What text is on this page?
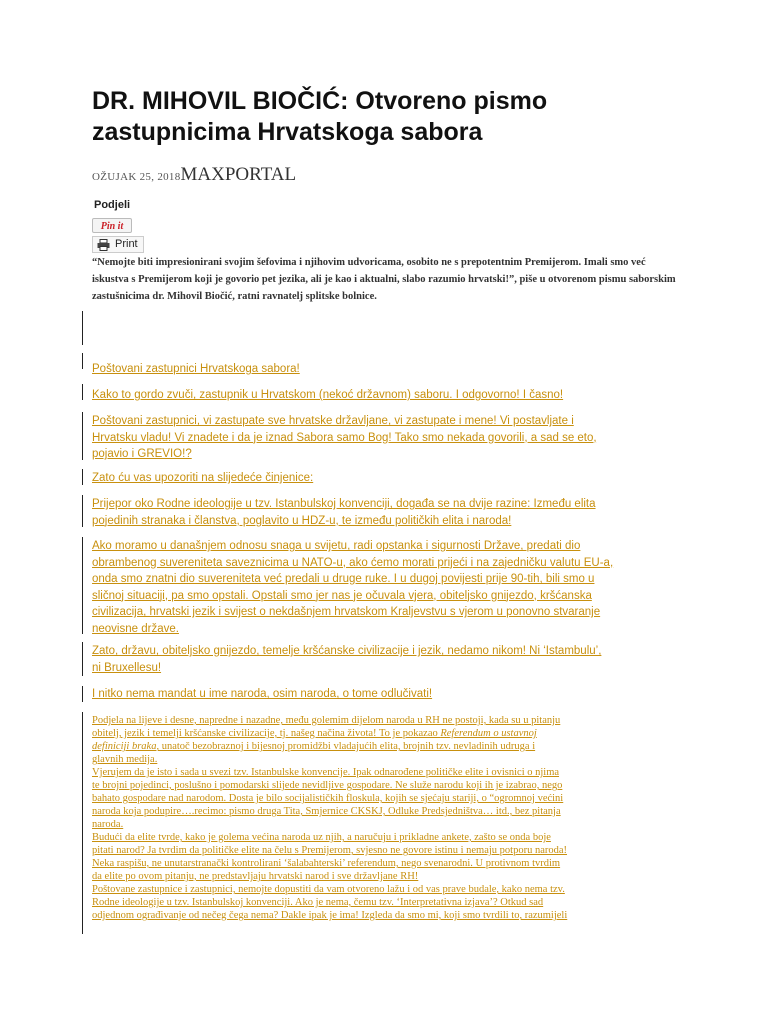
DR. MIHOVIL BIOČIĆ: Otvoreno pismo
zastupnicima Hrvatskoga sabora
OŽUJAK 25, 2018MAXPORTAL
Podjeli
Pin it
Print

“Nemojte biti impresionirani svojim šefovima i njihovim udvoricama, osobito ne s prepotentnim Premijerom. Imali smo već iskustva s Premijerom koji je govorio pet jezika, ali je kao i aktualni, slabo razumio hrvatski!”, piše u otvorenom pismu saborskim zastušnicima dr. Mihovil Biočić, ratni ravnatelj splitske bolnice.

Poštovani zastupnici Hrvatskoga sabora!
Kako to gordo zvuči, zastupnik u Hrvatskom (nekoć državnom) saboru. I odgovorno! I časno!
Poštovani zastupnici, vi zastupate sve hrvatske državljane, vi zastupate i mene! Vi postavljate i
Hrvatsku vladu! Vi znadete i da je iznad Sabora samo Bog! Tako smo nekada govorili, a sad se eto,
pojavio i GREVIO!?
Zato ću vas upozoriti na slijedeće činjenice:
Prijepor oko Rodne ideologije u tzv. Istanbulskoj konvenciji, događa se na dvije razine: Između elita
pojedinih stranaka i članstva, poglavito u HDZ-u, te između političkih elita i naroda!
Ako moramo u današnjem odnosu snaga u svijetu, radi opstanka i sigurnosti Države, predati dio
obrambenog suvereniteta saveznicima u NATO-u, ako ćemo morati prijeći i na zajedničku valutu EU-a,
onda smo znatni dio suvereniteta već predali u druge ruke. I u dugoj povijesti prije 90-tih, bili smo u
sličnoj situaciji, pa smo opstali. Opstali smo jer nas je očuvala vjera, obiteljsko gnijezdo, kršćanska
civilizacija, hrvatski jezik i svijest o nekdašnjem hrvatskom Kraljevstvu s vjerom u ponovno stvaranje
neovisne države.
Zato, državu, obiteljsko gnijezdo, temelje kršćanske civilizacije i jezik, nedamo nikom! Ni ‘Istambulu’,
ni Bruxellesu!
I nitko nema mandat u ime naroda, osim naroda, o tome odlučivati!
Podjela na lijeve i desne, napredne i nazadne, među golemim dijelom naroda u RH ne postoji, kada su u pitanju
obitelj, jezik i temelji kršćanske civilizacije, tj. našeg načina života! To je pokazao Referendum o ustavnoj
definiciji braka, unatoč bezobraznoj i bijesnoj promidžbi vladajućih elita, brojnih tzv. nevladinih udruga i
glavnih medija.
Vjerujem da je isto i sada u svezi tzv. Istanbulske konvencije. Ipak odnarođene političke elite i ovisnici o njima
te brojni pojedinci, poslušno i pomodarski slijede nevidljive gospodare. Ne služe narodu koji ih je izabrao, nego
bahato gospodare nad narodom. Dosta je bilo socijalističkih floskula, kojih se sjećaju stariji, o “ogromnoj većini
naroda koja podupire….recimo: pismo druga Tita, Smjernice CKSKJ, Odluke Predsjedništva… itd., bez pitanja
naroda.
Budući da elite tvrde, kako je golema većina naroda uz njih, a naručuju i prikladne ankete, zašto se onda boje
pitati narod? Ja tvrdim da političke elite na čelu s Premijerom, svjesno ne govore istinu i nemaju potporu naroda!
Neka raspišu, ne unutarstranački kontrolirani ‘šalabahterski’ referendum, nego svenarodni. U protivnom tvrdim
da elite po ovom pitanju, ne predstavljaju hrvatski narod i sve državljane RH!
Poštovane zastupnice i zastupnici, nemojte dopustiti da vam otvoreno lažu i od vas prave budale, kako nema tzv.
Rodne ideologije u tzv. Istanbulskoj konvenciji. Ako je nema, čemu tzv. ‘Interpretativna izjava’? Otkud sad
odjednom ograđivanje od nečeg čega nema? Dakle ipak je ima! Izgleda da smo mi, koji smo tvrdili to, razumijeli
